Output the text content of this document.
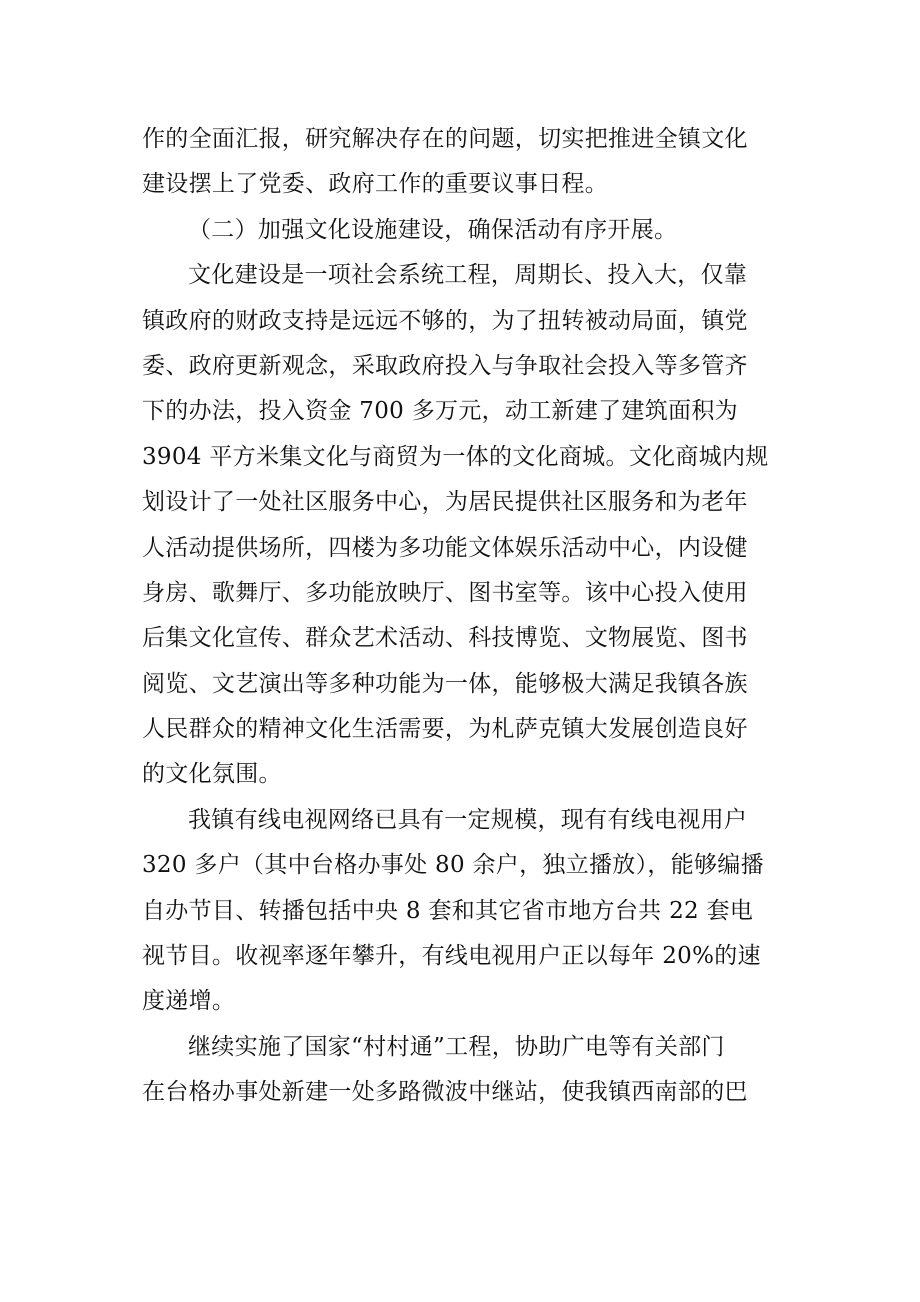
作的全面汇报，研究解决存在的问题，切实把推进全镇文化
建设摆上了党委、政府工作的重要议事日程。
（二）加强文化设施建设，确保活动有序开展。
文化建设是一项社会系统工程，周期长、投入大，仅靠
镇政府的财政支持是远远不够的，为了扭转被动局面，镇党
委、政府更新观念，采取政府投入与争取社会投入等多管齐
下的办法，投入资金 700 多万元，动工新建了建筑面积为
3904 平方米集文化与商贸为一体的文化商城。文化商城内规
划设计了一处社区服务中心，为居民提供社区服务和为老年
人活动提供场所，四楼为多功能文体娱乐活动中心，内设健
身房、歌舞厅、多功能放映厅、图书室等。该中心投入使用
后集文化宣传、群众艺术活动、科技博览、文物展览、图书
阅览、文艺演出等多种功能为一体，能够极大满足我镇各族
人民群众的精神文化生活需要，为札萨克镇大发展创造良好
的文化氛围。
我镇有线电视网络已具有一定规模，现有有线电视用户
320 多户（其中台格办事处 80 余户，独立播放），能够编播
自办节目、转播包括中央 8 套和其它省市地方台共 22 套电
视节目。收视率逐年攀升，有线电视用户正以每年 20%的速
度递增。
继续实施了国家“村村通”工程，协助广电等有关部门
在台格办事处新建一处多路微波中继站，使我镇西南部的巴
